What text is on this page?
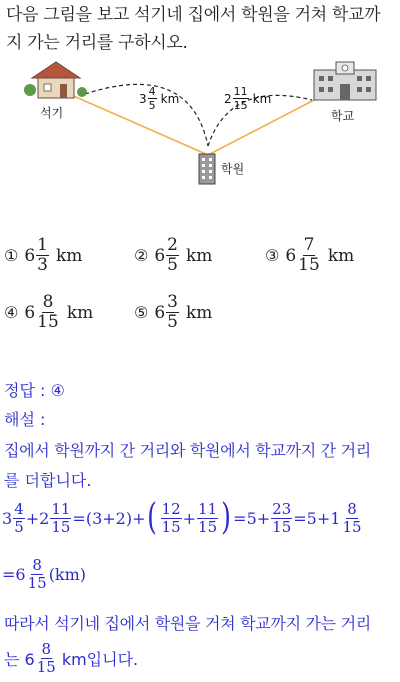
다음 그림을 보고 석기네 집에서 학원을 거쳐 학교까
지 가는 거리를 구하시오.
석기
학원
학교
$3 \frac{4}{5}$ km	$2 \frac{11}{15}$ km
① $6 \frac{1}{3}$ km	② $6 \frac{2}{5}$ km	③ $6 \frac{7}{15}$ km
④ $6 \frac{8}{15}$ km	⑤ $6 \frac{3}{5}$ km
정답 : ④
해설 :
집에서 학원까지 간 거리와 학원에서 학교까지 간 거리
를 더합니다.
$3 \frac{4}{5} + 2 \frac{11}{15} =(3+2)+$ ( $\frac{12}{15} + \frac{11}{15}$ ) $=5+ \frac{23}{15} =5+1 \frac{8}{15}$
$=6 \frac{8}{15} (km)$
따라서 석기네 집에서 학원을 거쳐 학교까지 가는 거리
는 $6 \frac{8}{15}$ km입니다.
